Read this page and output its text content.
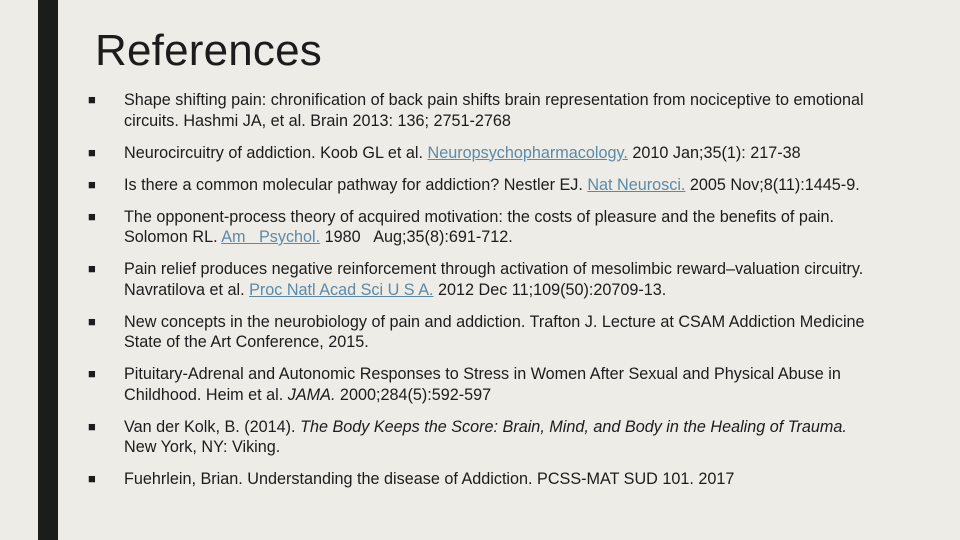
References
■ Shape shifting pain: chronification of back pain shifts brain representation from nociceptive to emotional circuits. Hashmi JA, et al. Brain 2013: 136; 2751-2768
■ Neurocircuitry of addiction. Koob GL et al. Neuropsychopharmacology. 2010 Jan;35(1): 217-38
■ Is there a common molecular pathway for addiction? Nestler EJ. Nat Neurosci. 2005 Nov;8(11):1445-9.
■ The opponent-process theory of acquired motivation: the costs of pleasure and the benefits of pain. Solomon RL. Am   Psychol. 1980   Aug;35(8):691-712.
■ Pain relief produces negative reinforcement through activation of mesolimbic reward–valuation circuitry. Navratilova et al. Proc Natl Acad Sci U S A. 2012 Dec 11;109(50):20709-13.
■ New concepts in the neurobiology of pain and addiction. Trafton J. Lecture at CSAM Addiction Medicine State of the Art Conference, 2015.
■ Pituitary-Adrenal and Autonomic Responses to Stress in Women After Sexual and Physical Abuse in Childhood. Heim et al. JAMA. 2000;284(5):592-597
■ Van der Kolk, B. (2014). The Body Keeps the Score: Brain, Mind, and Body in the Healing of Trauma.  New York, NY: Viking.
■ Fuehrlein, Brian. Understanding the disease of Addiction. PCSS-MAT SUD 101. 2017
